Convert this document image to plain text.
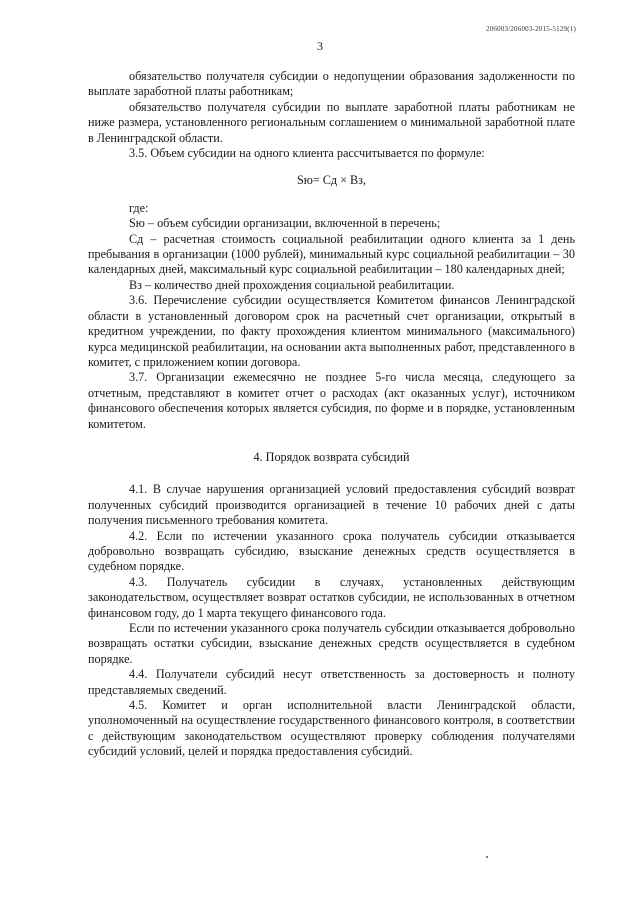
206003/206003-2015-5129(1)
3

обязательство получателя субсидии о недопущении образования задолженности по выплате заработной платы работникам;

обязательство получателя субсидии по выплате заработной платы работникам не ниже размера, установленного региональным соглашением о минимальной заработной плате в Ленинградской области.

3.5. Объем субсидии на одного клиента рассчитывается по формуле:

Sю= Сд × Вз,

где:

Sю – объем субсидии организации, включенной в перечень;

Сд – расчетная стоимость социальной реабилитации одного клиента за 1 день пребывания в организации (1000 рублей), минимальный курс социальной реабилитации – 30 календарных дней, максимальный курс социальной реабилитации – 180 календарных дней;

Вз – количество дней прохождения социальной реабилитации.

3.6. Перечисление субсидии осуществляется Комитетом финансов Ленинградской области в установленный договором срок на расчетный счет организации, открытый в кредитном учреждении, по факту прохождения клиентом минимального (максимального) курса медицинской реабилитации, на основании акта выполненных работ, представленного в комитет, с приложением копии договора.

3.7. Организации ежемесячно не позднее 5-го числа месяца, следующего за отчетным, представляют в комитет отчет о расходах (акт оказанных услуг), источником финансового обеспечения которых является субсидия, по форме и в порядке, установленным комитетом.

4. Порядок возврата субсидий

4.1. В случае нарушения организацией условий предоставления субсидий возврат полученных субсидий производится организацией в течение 10 рабочих дней с даты получения письменного требования комитета.

4.2. Если по истечении указанного срока получатель субсидии отказывается добровольно возвращать субсидию, взыскание денежных средств осуществляется в судебном порядке.

4.3. Получатель субсидии в случаях, установленных действующим законодательством, осуществляет возврат остатков субсидии, не использованных в отчетном финансовом году, до 1 марта текущего финансового года.

Если по истечении указанного срока получатель субсидии отказывается добровольно возвращать остатки субсидии, взыскание денежных средств осуществляется в судебном порядке.

4.4. Получатели субсидий несут ответственность за достоверность и полноту представляемых сведений.

4.5. Комитет и орган исполнительной власти Ленинградской области, уполномоченный на осуществление государственного финансового контроля, в соответствии с действующим законодательством осуществляют проверку соблюдения получателями субсидий условий, целей и порядка предоставления субсидий.
